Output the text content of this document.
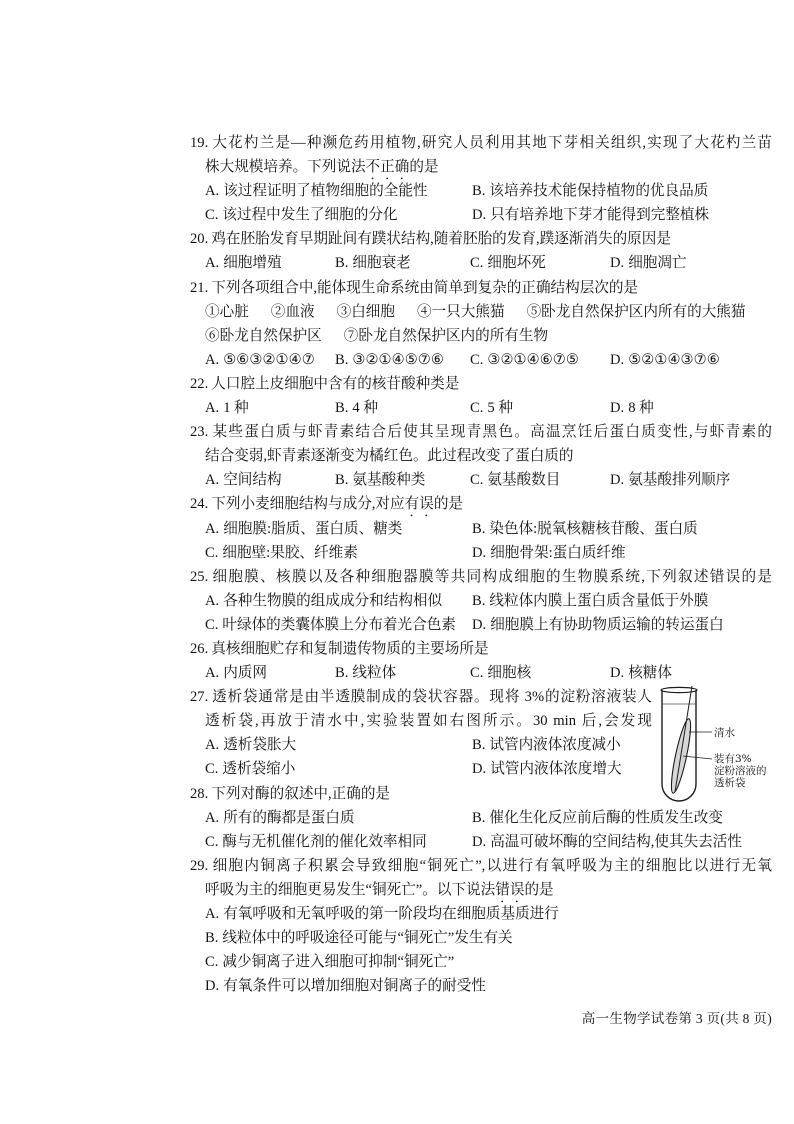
19. 大花杓兰是—种濒危药用植物,研究人员利用其地下芽相关组织,实现了大花杓兰苗
株大规模培养。下列说法不正确的是
A. 该过程证明了植物细胞的全能性	B. 该培养技术能保持植物的优良品质
C. 该过程中发生了细胞的分化	D. 只有培养地下芽才能得到完整植株
20. 鸡在胚胎发育早期趾间有蹼状结构,随着胚胎的发育,蹼逐渐消失的原因是
A. 细胞增殖	B. 细胞衰老	C. 细胞坏死	D. 细胞凋亡
21. 下列各项组合中,能体现生命系统由简单到复杂的正确结构层次的是
①心脏 ②血液 ③白细胞 ④一只大熊猫 ⑤卧龙自然保护区内所有的大熊猫
⑥卧龙自然保护区 ⑦卧龙自然保护区内的所有生物
A. ⑤⑥③②①④⑦	B. ③②①④⑤⑦⑥	C. ③②①④⑥⑦⑤	D. ⑤②①④③⑦⑥
22. 人口腔上皮细胞中含有的核苷酸种类是
A. 1 种	B. 4 种	C. 5 种	D. 8 种
23. 某些蛋白质与虾青素结合后使其呈现青黑色。高温烹饪后蛋白质变性,与虾青素的
结合变弱,虾青素逐渐变为橘红色。此过程改变了蛋白质的
A. 空间结构	B. 氨基酸种类	C. 氨基酸数目	D. 氨基酸排列顺序
24. 下列小麦细胞结构与成分,对应有误的是
A. 细胞膜:脂质、蛋白质、糖类	B. 染色体:脱氧核糖核苷酸、蛋白质
C. 细胞壁:果胶、纤维素	D. 细胞骨架:蛋白质纤维
25. 细胞膜、核膜以及各种细胞器膜等共同构成细胞的生物膜系统,下列叙述错误的是
A. 各种生物膜的组成成分和结构相似	B. 线粒体内膜上蛋白质含量低于外膜
C. 叶绿体的类囊体膜上分布着光合色素	D. 细胞膜上有协助物质运输的转运蛋白
26. 真核细胞贮存和复制遗传物质的主要场所是
A. 内质网	B. 线粒体	C. 细胞核	D. 核糖体
27. 透析袋通常是由半透膜制成的袋状容器。现将 3%的淀粉溶液装人
透析袋,再放于清水中,实验装置如右图所示。30 min 后,会发现
A. 透析袋胀大	B. 试管内液体浓度减小
C. 透析袋缩小	D. 试管内液体浓度增大
28. 下列对酶的叙述中,正确的是
A. 所有的酶都是蛋白质	B. 催化生化反应前后酶的性质发生改变
C. 酶与无机催化剂的催化效率相同	D. 高温可破坏酶的空间结构,使其失去活性
29. 细胞内铜离子积累会导致细胞“铜死亡”,以进行有氧呼吸为主的细胞比以进行无氧
呼吸为主的细胞更易发生“铜死亡”。以下说法错误的是
A. 有氧呼吸和无氧呼吸的第一阶段均在细胞质基质进行
B. 线粒体中的呼吸途径可能与“铜死亡”发生有关
C. 减少铜离子进入细胞可抑制“铜死亡”
D. 有氧条件可以增加细胞对铜离子的耐受性
清水
装有3%
淀粉溶液的
透析袋
高一生物学试卷第 3 页(共 8 页)
